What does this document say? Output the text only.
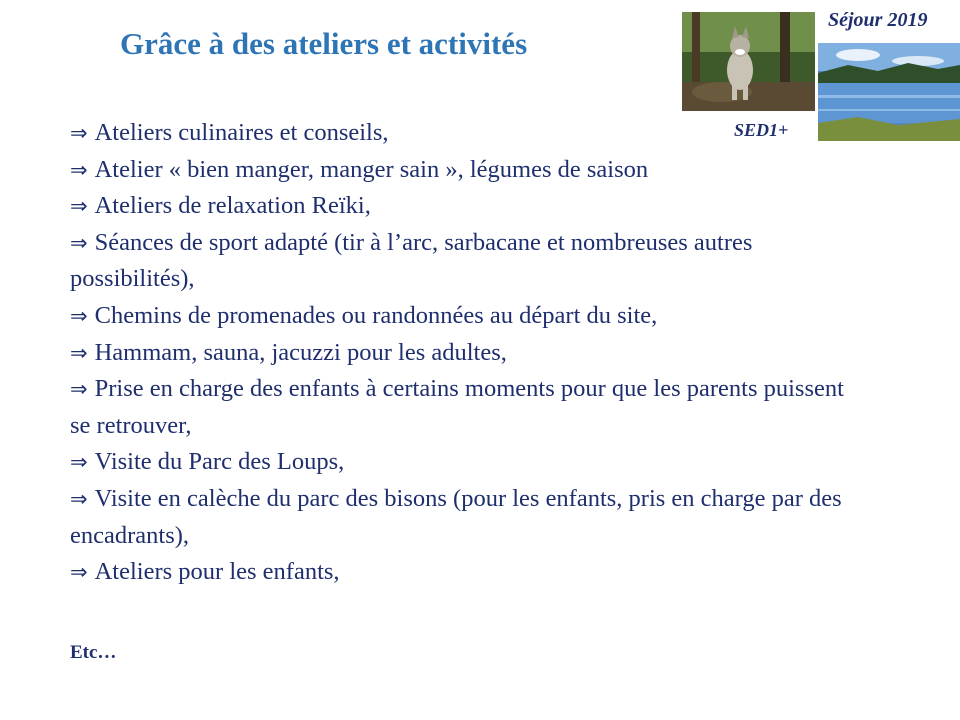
Grâce à des ateliers et activités
Séjour 2019
SED1+
⇒ Ateliers culinaires et conseils,
⇒ Atelier « bien manger, manger sain », légumes de saison
⇒ Ateliers de relaxation Reïki,
⇒ Séances de sport adapté (tir à l’arc, sarbacane et nombreuses autres possibilités),
⇒ Chemins de promenades ou randonnées au départ du site,
⇒ Hammam, sauna, jacuzzi pour les adultes,
⇒ Prise en charge des enfants à certains moments pour que les parents puissent se retrouver,
⇒ Visite du Parc des Loups,
⇒ Visite en calèche du parc des bisons (pour les enfants, pris en charge par des encadrants),
⇒ Ateliers pour les enfants,
Etc…
